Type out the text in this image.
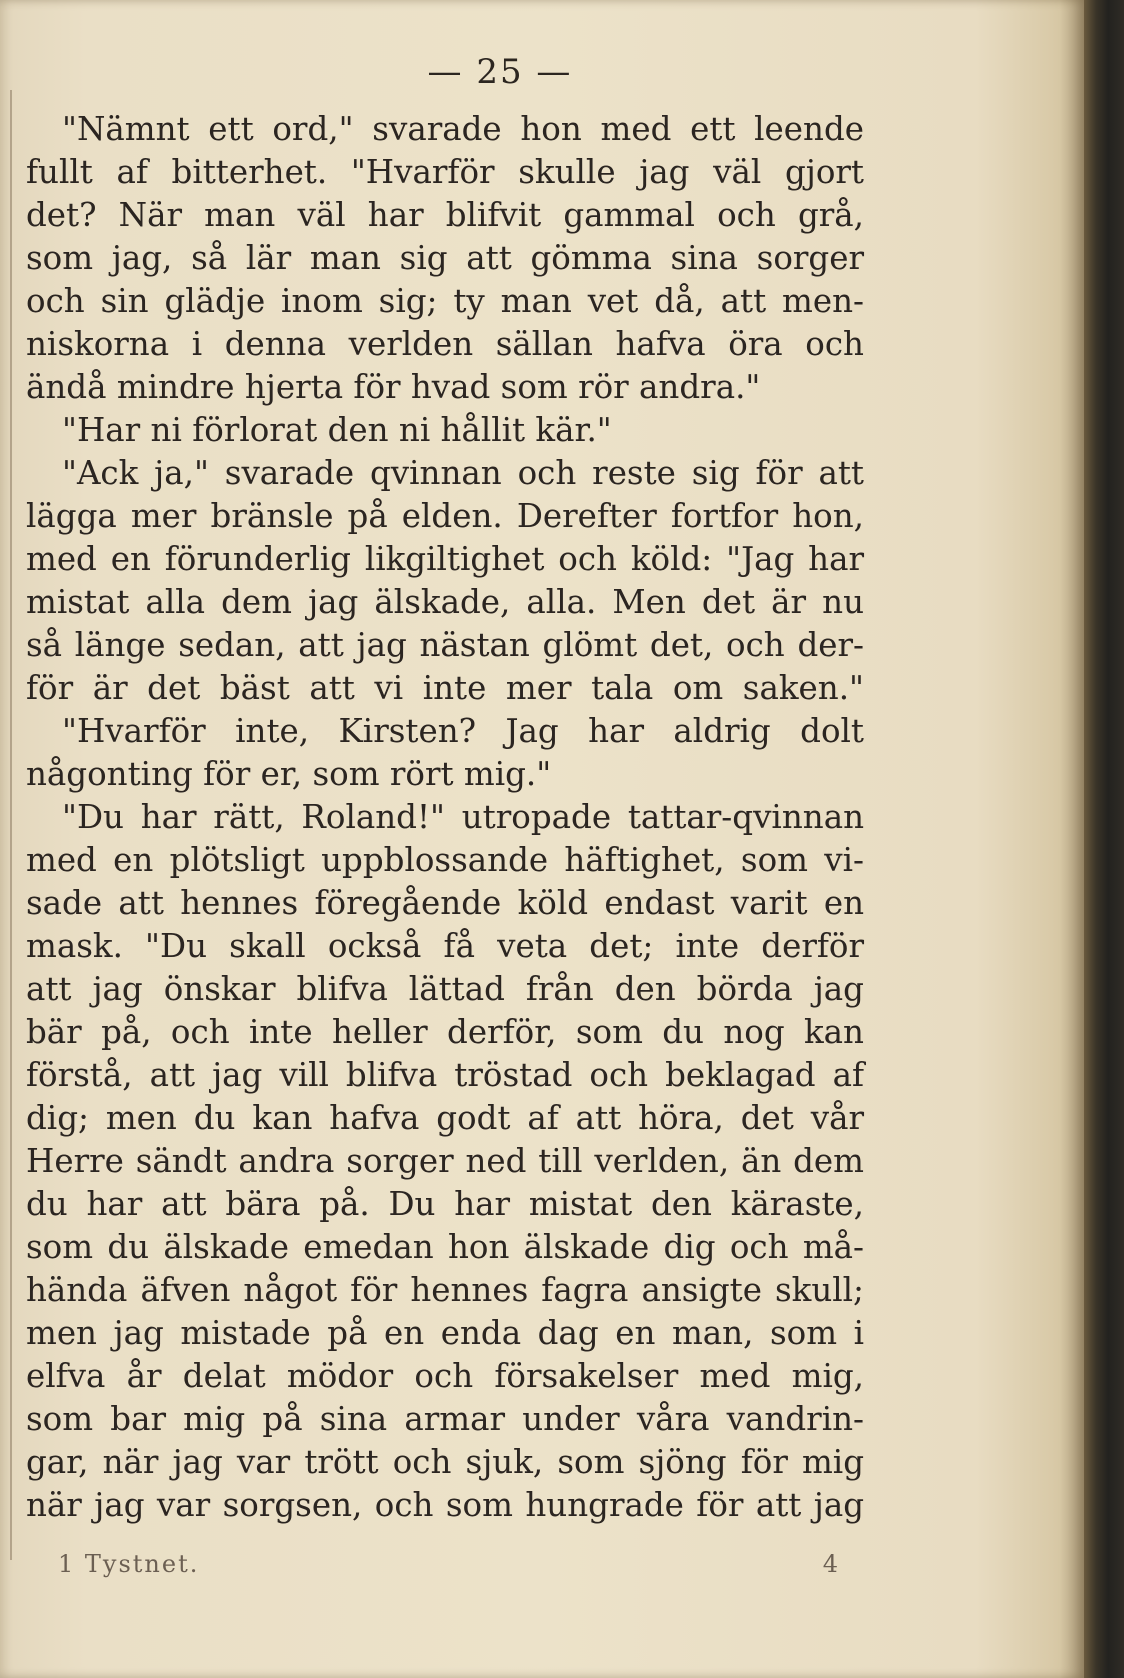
— 25 —
"Nämnt ett ord," svarade hon med ett leende
fullt af bitterhet. "Hvarför skulle jag väl gjort
det? När man väl har blifvit gammal och grå,
som jag, så lär man sig att gömma sina sorger
och sin glädje inom sig; ty man vet då, att men-
niskorna i denna verlden sällan hafva öra och
ändå mindre hjerta för hvad som rör andra."
"Har ni förlorat den ni hållit kär."
"Ack ja," svarade qvinnan och reste sig för att
lägga mer bränsle på elden. Derefter fortfor hon,
med en förunderlig likgiltighet och köld: "Jag har
mistat alla dem jag älskade, alla. Men det är nu
så länge sedan, att jag nästan glömt det, och der-
för är det bäst att vi inte mer tala om saken."
"Hvarför inte, Kirsten? Jag har aldrig dolt
någonting för er, som rört mig."
"Du har rätt, Roland!" utropade tattar-qvinnan
med en plötsligt uppblossande häftighet, som vi-
sade att hennes föregående köld endast varit en
mask. "Du skall också få veta det; inte derför
att jag önskar blifva lättad från den börda jag
bär på, och inte heller derför, som du nog kan
förstå, att jag vill blifva tröstad och beklagad af
dig; men du kan hafva godt af att höra, det vår
Herre sändt andra sorger ned till verlden, än dem
du har att bära på. Du har mistat den käraste,
som du älskade emedan hon älskade dig och må-
hända äfven något för hennes fagra ansigte skull;
men jag mistade på en enda dag en man, som i
elfva år delat mödor och försakelser med mig,
som bar mig på sina armar under våra vandrin-
gar, när jag var trött och sjuk, som sjöng för mig
när jag var sorgsen, och som hungrade för att jag
1 Tystnet.	4
